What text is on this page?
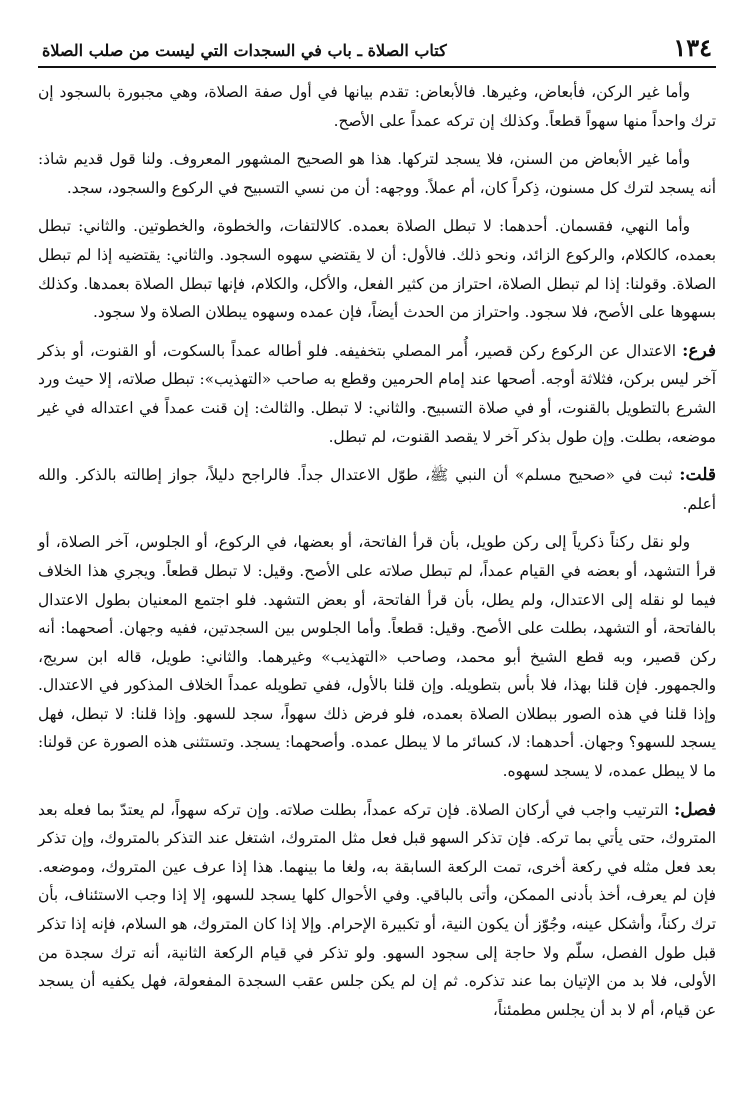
١٣٤
كتاب الصلاة ـ باب في السجدات التي ليست من صلب الصلاة

وأما غير الركن، فأبعاض، وغيرها. فالأبعاض: تقدم بيانها في أول صفة الصلاة، وهي مجبورة بالسجود إن ترك واحداً منها سهواً قطعاً. وكذلك إن تركه عمداً على الأصح.

وأما غير الأبعاض من السنن، فلا يسجد لتركها. هذا هو الصحيح المشهور المعروف. ولنا قول قديم شاذ: أنه يسجد لترك كل مسنون، ذِكراً كان، أم عملاً. ووجهه: أن من نسي التسبيح في الركوع والسجود، سجد.

وأما النهي، فقسمان. أحدهما: لا تبطل الصلاة بعمده. كالالتفات، والخطوة، والخطوتين. والثاني: تبطل بعمده، كالكلام، والركوع الزائد، ونحو ذلك. فالأول: أن لا يقتضي سهوه السجود. والثاني: يقتضيه إذا لم تبطل الصلاة. وقولنا: إذا لم تبطل الصلاة، احتراز من كثير الفعل، والأكل، والكلام، فإنها تبطل الصلاة بعمدها. وكذلك بسهوها على الأصح، فلا سجود. واحتراز من الحدث أيضاً، فإن عمده وسهوه يبطلان الصلاة ولا سجود.

فرع: الاعتدال عن الركوع ركن قصير، أُمر المصلي بتخفيفه. فلو أطاله عمداً بالسكوت، أو القنوت، أو بذكر آخر ليس بركن، فثلاثة أوجه. أصحها عند إمام الحرمين وقطع به صاحب «التهذيب»: تبطل صلاته، إلا حيث ورد الشرع بالتطويل بالقنوت، أو في صلاة التسبيح. والثاني: لا تبطل. والثالث: إن قنت عمداً في اعتداله في غير موضعه، بطلت. وإن طول بذكر آخر لا يقصد القنوت، لم تبطل.

قلت: ثبت في «صحيح مسلم» أن النبي ﷺ، طوّل الاعتدال جداً. فالراجح دليلاً، جواز إطالته بالذكر. والله أعلم.

ولو نقل ركناً ذكرياً إلى ركن طويل، بأن قرأ الفاتحة، أو بعضها، في الركوع، أو الجلوس، آخر الصلاة، أو قرأ التشهد، أو بعضه في القيام عمداً، لم تبطل صلاته على الأصح. وقيل: لا تبطل قطعاً. ويجري هذا الخلاف فيما لو نقله إلى الاعتدال، ولم يطل، بأن قرأ الفاتحة، أو بعض التشهد. فلو اجتمع المعنيان بطول الاعتدال بالفاتحة، أو التشهد، بطلت على الأصح. وقيل: قطعاً. وأما الجلوس بين السجدتين، ففيه وجهان. أصحهما: أنه ركن قصير، وبه قطع الشيخ أبو محمد، وصاحب «التهذيب» وغيرهما. والثاني: طويل، قاله ابن سريج، والجمهور. فإن قلنا بهذا، فلا بأس بتطويله. وإن قلنا بالأول، ففي تطويله عمداً الخلاف المذكور في الاعتدال. وإذا قلنا في هذه الصور ببطلان الصلاة بعمده، فلو فرض ذلك سهواً، سجد للسهو. وإذا قلنا: لا تبطل، فهل يسجد للسهو؟ وجهان. أحدهما: لا، كسائر ما لا يبطل عمده. وأصحهما: يسجد. وتستثنى هذه الصورة عن قولنا: ما لا يبطل عمده، لا يسجد لسهوه.

فصل: الترتيب واجب في أركان الصلاة. فإن تركه عمداً، بطلت صلاته. وإن تركه سهواً، لم يعتدّ بما فعله بعد المتروك، حتى يأتي بما تركه. فإن تذكر السهو قبل فعل مثل المتروك، اشتغل عند التذكر بالمتروك، وإن تذكر بعد فعل مثله في ركعة أخرى، تمت الركعة السابقة به، ولغا ما بينهما. هذا إذا عرف عين المتروك، وموضعه. فإن لم يعرف، أخذ بأدنى الممكن، وأتى بالباقي. وفي الأحوال كلها يسجد للسهو، إلا إذا وجب الاستئناف، بأن ترك ركناً، وأشكل عينه، وجُوّز أن يكون النية، أو تكبيرة الإحرام. وإلا إذا كان المتروك، هو السلام، فإنه إذا تذكر قبل طول الفصل، سلّم ولا حاجة إلى سجود السهو. ولو تذكر في قيام الركعة الثانية، أنه ترك سجدة من الأولى، فلا بد من الإتيان بما عند تذكره. ثم إن لم يكن جلس عقب السجدة المفعولة، فهل يكفيه أن يسجد عن قيام، أم لا بد أن يجلس مطمئناً،
